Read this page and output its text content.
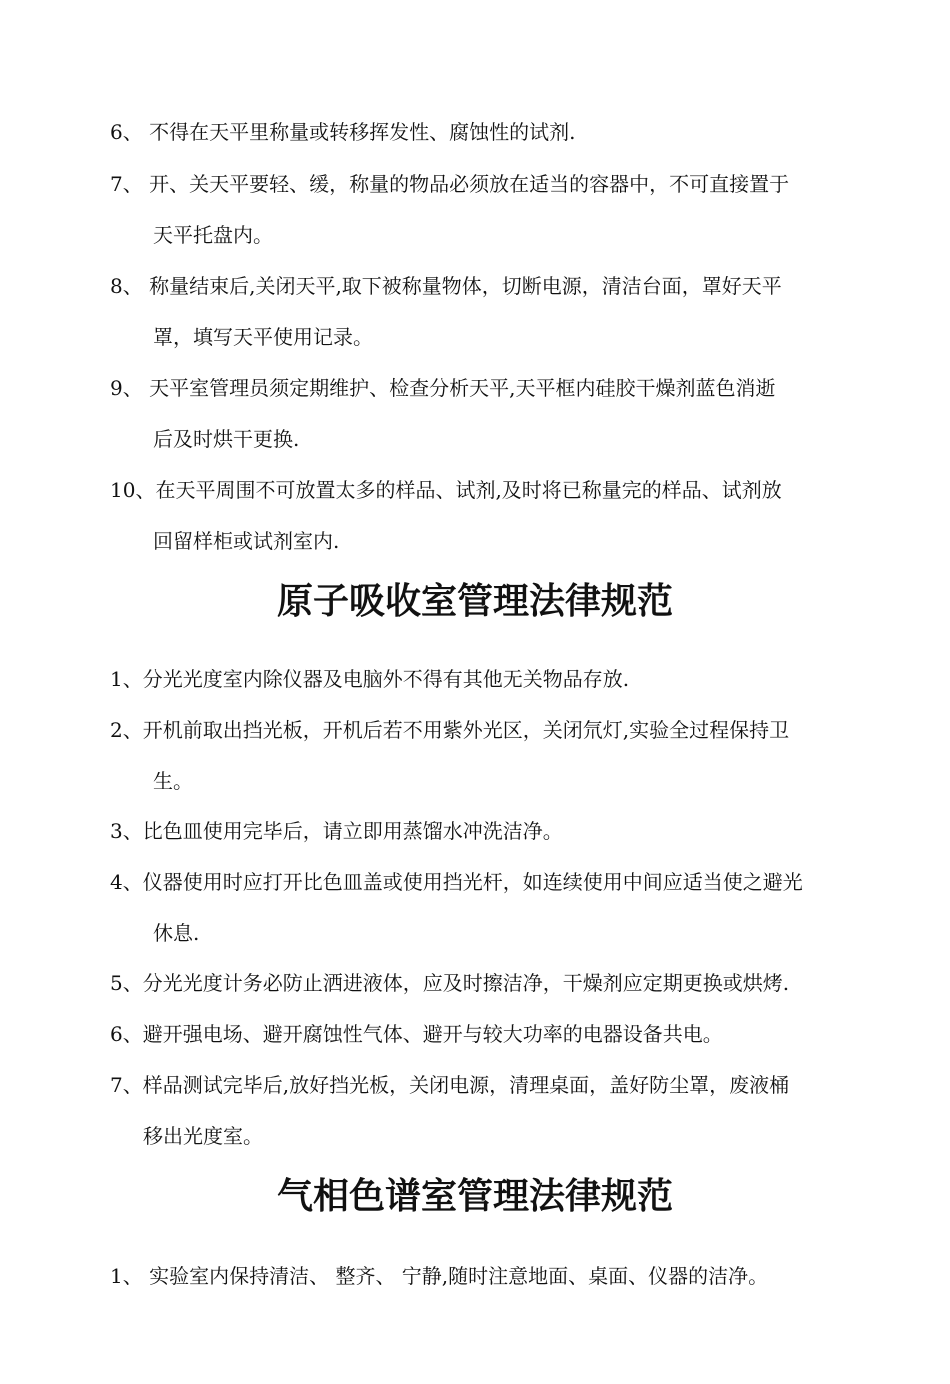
6、 不得在天平里称量或转移挥发性、腐蚀性的试剂.
7、 开、关天平要轻、缓，称量的物品必须放在适当的容器中，不可直接置于
天平托盘内。
8、 称量结束后,关闭天平,取下被称量物体，切断电源，清洁台面，罩好天平
罩，填写天平使用记录。
9、 天平室管理员须定期维护、检查分析天平,天平框内硅胶干燥剂蓝色消逝
后及时烘干更换.
10、在天平周围不可放置太多的样品、试剂,及时将已称量完的样品、试剂放
回留样柜或试剂室内.
原子吸收室管理法律规范
1、分光光度室内除仪器及电脑外不得有其他无关物品存放.
2、开机前取出挡光板，开机后若不用紫外光区，关闭氘灯,实验全过程保持卫
生。
3、比色皿使用完毕后，请立即用蒸馏水冲洗洁净。
4、仪器使用时应打开比色皿盖或使用挡光杆，如连续使用中间应适当使之避光
休息.
5、分光光度计务必防止洒进液体，应及时擦洁净，干燥剂应定期更换或烘烤.
6、避开强电场、避开腐蚀性气体、避开与较大功率的电器设备共电。
7、样品测试完毕后,放好挡光板，关闭电源，清理桌面，盖好防尘罩，废液桶
移出光度室。
气相色谱室管理法律规范
1、 实验室内保持清洁、 整齐、 宁静,随时注意地面、桌面、仪器的洁净。
